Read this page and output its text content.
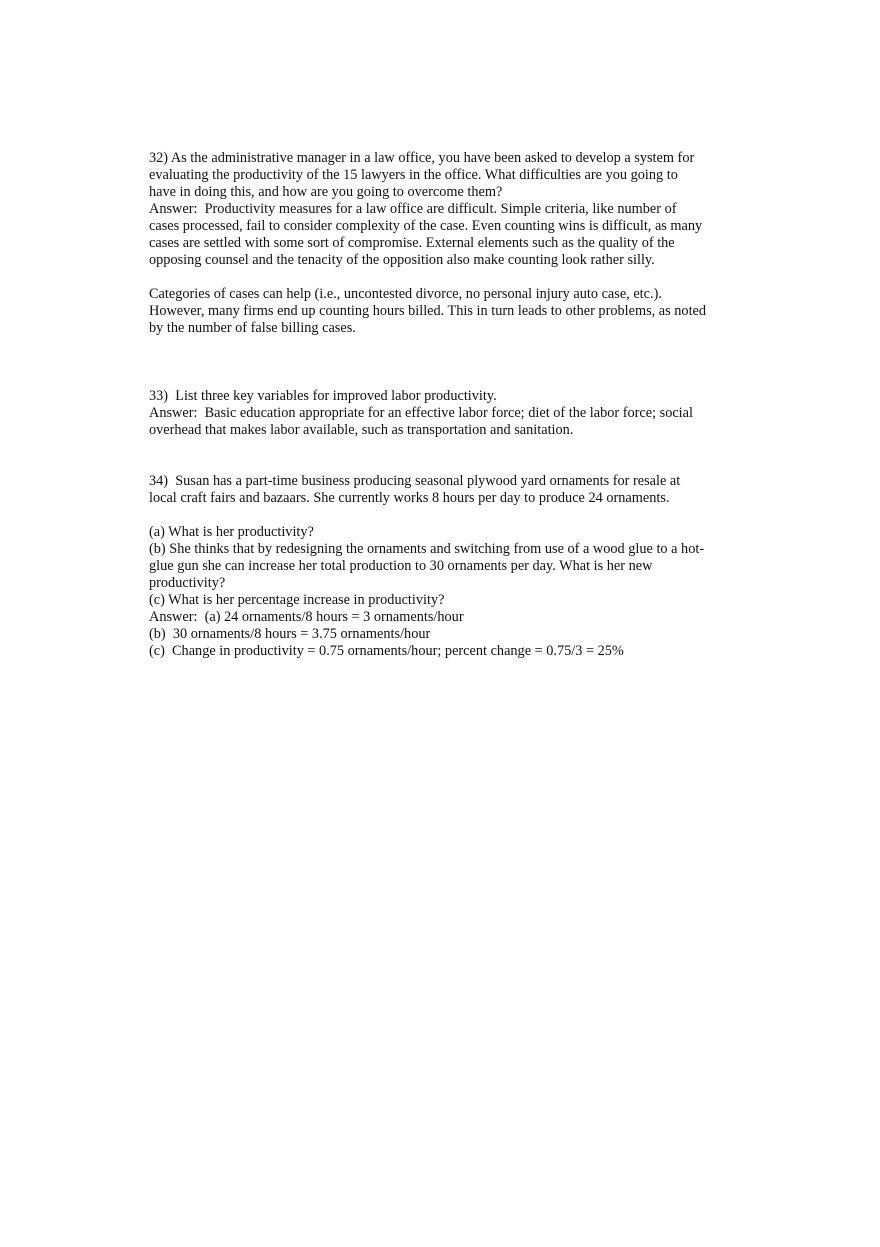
32) As the administrative manager in a law office, you have been asked to develop a system for
evaluating the productivity of the 15 lawyers in the office. What difficulties are you going to
have in doing this, and how are you going to overcome them?
Answer:  Productivity measures for a law office are difficult. Simple criteria, like number of
cases processed, fail to consider complexity of the case. Even counting wins is difficult, as many
cases are settled with some sort of compromise. External elements such as the quality of the
opposing counsel and the tenacity of the opposition also make counting look rather silly.
Categories of cases can help (i.e., uncontested divorce, no personal injury auto case, etc.).
However, many firms end up counting hours billed. This in turn leads to other problems, as noted
by the number of false billing cases.
33)  List three key variables for improved labor productivity.
Answer:  Basic education appropriate for an effective labor force; diet of the labor force; social
overhead that makes labor available, such as transportation and sanitation.
34)  Susan has a part-time business producing seasonal plywood yard ornaments for resale at
local craft fairs and bazaars. She currently works 8 hours per day to produce 24 ornaments.
(a) What is her productivity?
(b) She thinks that by redesigning the ornaments and switching from use of a wood glue to a hot-
glue gun she can increase her total production to 30 ornaments per day. What is her new
productivity?
(c) What is her percentage increase in productivity?
Answer:  (a) 24 ornaments/8 hours = 3 ornaments/hour
(b)  30 ornaments/8 hours = 3.75 ornaments/hour
(c)  Change in productivity = 0.75 ornaments/hour; percent change = 0.75/3 = 25%
